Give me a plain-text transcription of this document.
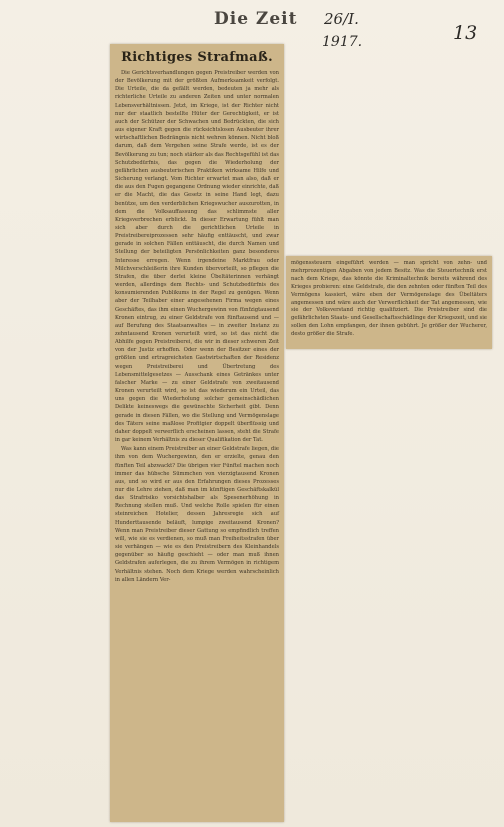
Die Zeit 26/I.
1917.	13
Richtiges Strafmaß.

Die Gerichtsverhandlungen gegen Preistreiber werden von der Bevölkerung mit der größten Aufmerksamkeit verfolgt. Die Urteile, die da gefällt werden, bedeuten ja mehr als richterliche Urteile zu anderen Zeiten und unter normalen Lebensverhältnissen. Jetzt, im Kriege, ist der Richter nicht nur der staatlich bestellte Hüter der Gerechtigkeit, er ist auch der Schützer der Schwachen und Bedrückten, die sich aus eigener Kraft gegen die rücksichtslosen Ausbeuter ihrer wirtschaftlichen Bedrängnis nicht wehren können. Nicht bloß darum, daß dem Vergehen seine Strafe werde, ist es der Bevölkerung zu tun; noch stärker als das Rechtsgefühl ist das Schutzbedürfnis, das gegen die Wiederholung der gefährlichen ausbeuterischen Praktiken wirksame Hilfe und Sicherung verlangt. Vom Richter erwartet man also, daß er die aus den Fugen gegangene Ordnung wieder einrichte, daß er die Macht, die das Gesetz in seine Hand legt, dazu benütze, um den verderblichen Kriegswucher auszurotten, in dem die Volksauffassung das schlimmste aller Kriegsverbrechen erblickt. In dieser Erwartung fühlt man sich aber durch die gerichtlichen Urteile in Preistreibereiprozessen sehr häufig enttäuscht, und zwar gerade in solchen Fällen enttäuscht, die durch Namen und Stellung der beteiligten Persönlichkeiten ganz besonderes Interesse erregen. Wenn irgendeine Marktfrau oder Milchverschleißerin ihre Kunden übervorteilt, so pflegen die Strafen, die über derlei kleine Übeltäterinnen verhängt werden, allerdings dem Rechts- und Schutzbedürfnis des konsumierenden Publikums in der Regel zu genügen. Wenn aber der Teilhaber einer angesehenen Firma wegen eines Geschäftes, das ihm einen Wuchergewinn von fünfzigtausend Kronen eintrug, zu einer Geldstrafe von fünftausend und — auf Berufung des Staatsanwaltes — in zweiter Instanz zu zehntausend Kronen verurteilt wird, so ist das nicht die Abhilfe gegen Preistreiberei, die wir in dieser schweren Zeit von der Justiz erhoffen. Oder wenn der Besitzer eines der größten und ertragreichsten Gastwirtschaften der Residenz wegen Preistreiberei und Übertretung des Lebensmittelgesetzes — Ausschank eines Getränkes unter falscher Marke — zu einer Geldstrafe von zweitausend Kronen verurteilt wird, so ist das wiederum ein Urteil, das uns gegen die Wiederholung solcher gemeinschädlichen Delikte keineswegs die gewünschte Sicherheit gibt. Denn gerade in diesen Fällen, wo die Stellung und Vermögenslage des Täters seine maßlose Profitgier doppelt überflüssig und daher doppelt verwerflich erscheinen lassen, steht die Strafe in gar keinem Verhältnis zu dieser Qualifikation der Tat.

Was kann einem Preistreiber an einer Geldstrafe liegen, die ihm von dem Wuchergewinn, den er erzielte, genau den fünften Teil abzwackt? Die übrigen vier Fünftel machen noch immer das hübsche Sümmchen von vierzigtausend Kronen aus, und so wird er aus den Erfahrungen dieses Prozesses nur die Lehre ziehen, daß man im künftigen Geschäftskalkül das Strafrisiko vorsichtshalber als Spesenerhöhung in Rechnung stellen muß. Und welche Rolle spielen für einen steinreichen Hotelier, dessen Jahresregie sich auf Hunderttausende beläuft, lumpige zweitausend Kronen? Wenn man Preistreiber dieser Gattung so empfindlich treffen will, wie sie es verdienen, so muß man Freiheitsstrafen über sie verhängen — wie es den Preistreibern des Kleinhandels gegenüber so häufig geschieht — oder man muß ihnen Geldstrafen auferlegen, die zu ihrem Vermögen in richtigem Verhältnis stehen. Noch dem Kriege werden wahrscheinlich in allen Ländern Ver-

mögenssteuern eingeführt werden — man spricht von zehn- und mehrprozentigen Abgaben von jedem Besitz. Was die Steuertechnik erst nach dem Kriege, das könnte die Kriminaltechnik bereits während des Krieges probieren: eine Geldstrafe, die den zehnten oder fünften Teil des Vermögens kassiert, wäre eben der Vermögenslage des Übeltäters angemessen und wäre auch der Verwerflichkeit der Tat angemessen, wie sie der Volksverstand richtig qualifiziert. Die Preistreiber sind die gefährlichsten Staats- und Gesellschaftsschädlinge der Kriegszeit, und sie sollen den Lohn empfangen, der ihnen gebührt. Je größer der Wucherer, desto größer die Strafe.
